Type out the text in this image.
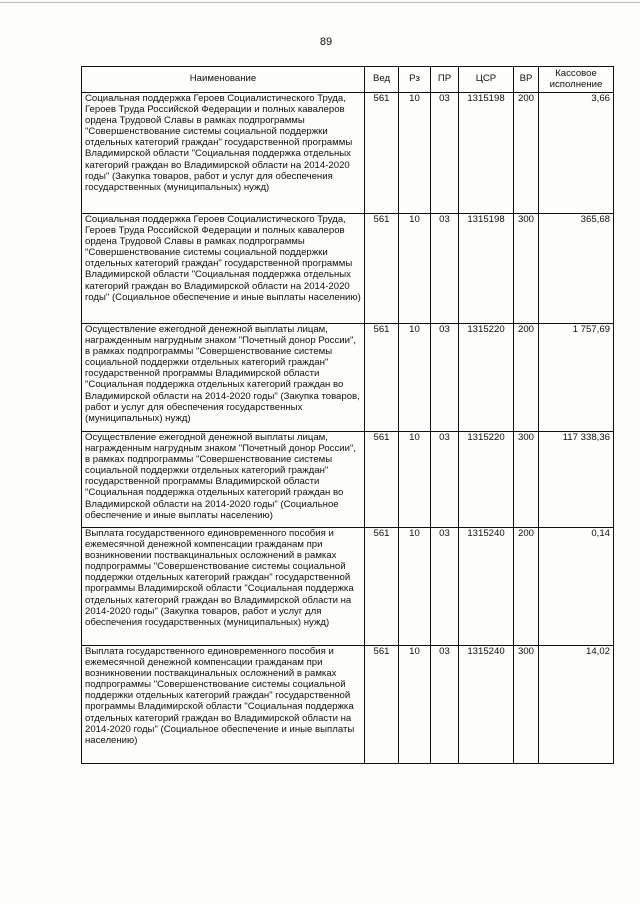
89
Наименование	Вед	Рз	ПР	ЦСР	ВР	Кассовое исполнение
Социальная поддержка Героев Социалистического Труда, Героев Труда Российской Федерации и полных кавалеров ордена Трудовой Славы в рамках подпрограммы "Совершенствование системы социальной поддержки отдельных категорий граждан" государственной программы Владимирской области "Социальная поддержка отдельных категорий граждан во Владимирской области на 2014-2020 годы" (Закупка товаров, работ и услуг для обеспечения государственных (муниципальных) нужд)	561	10	03	1315198	200	3,66
Социальная поддержка Героев Социалистического Труда, Героев Труда Российской Федерации и полных кавалеров ордена Трудовой Славы в рамках подпрограммы "Совершенствование системы социальной поддержки отдельных категорий граждан" государственной программы Владимирской области "Социальная поддержка отдельных категорий граждан во Владимирской области на 2014-2020 годы" (Социальное обеспечение и иные выплаты населению)	561	10	03	1315198	300	365,68
Осуществление ежегодной денежной выплаты лицам, награжденным нагрудным знаком "Почетный донор России", в рамках подпрограммы "Совершенствование системы социальной поддержки отдельных категорий граждан" государственной программы Владимирской области "Социальная поддержка отдельных категорий граждан во Владимирской области на 2014-2020 годы" (Закупка товаров, работ и услуг для обеспечения государственных (муниципальных) нужд)	561	10	03	1315220	200	1 757,69
Осуществление ежегодной денежной выплаты лицам, награжденным нагрудным знаком "Почетный донор России", в рамках подпрограммы "Совершенствование системы социальной поддержки отдельных категорий граждан" государственной программы Владимирской области "Социальная поддержка отдельных категорий граждан во Владимирской области на 2014-2020 годы" (Социальное обеспечение и иные выплаты населению)	561	10	03	1315220	300	117 338,36
Выплата государственного единовременного пособия и ежемесячной денежной компенсации гражданам при возникновении поствакцинальных осложнений в рамках подпрограммы "Совершенствование системы социальной поддержки отдельных категорий граждан" государственной программы Владимирской области "Социальная поддержка отдельных категорий граждан во Владимирской области на 2014-2020 годы" (Закупка товаров, работ и услуг для обеспечения государственных (муниципальных) нужд)	561	10	03	1315240	200	0,14
Выплата государственного единовременного пособия и ежемесячной денежной компенсации гражданам при возникновении поствакцинальных осложнений в рамках подпрограммы "Совершенствование системы социальной поддержки отдельных категорий граждан" государственной программы Владимирской области "Социальная поддержка отдельных категорий граждан во Владимирской области на 2014-2020 годы" (Социальное обеспечение и иные выплаты населению)	561	10	03	1315240	300	14,02
